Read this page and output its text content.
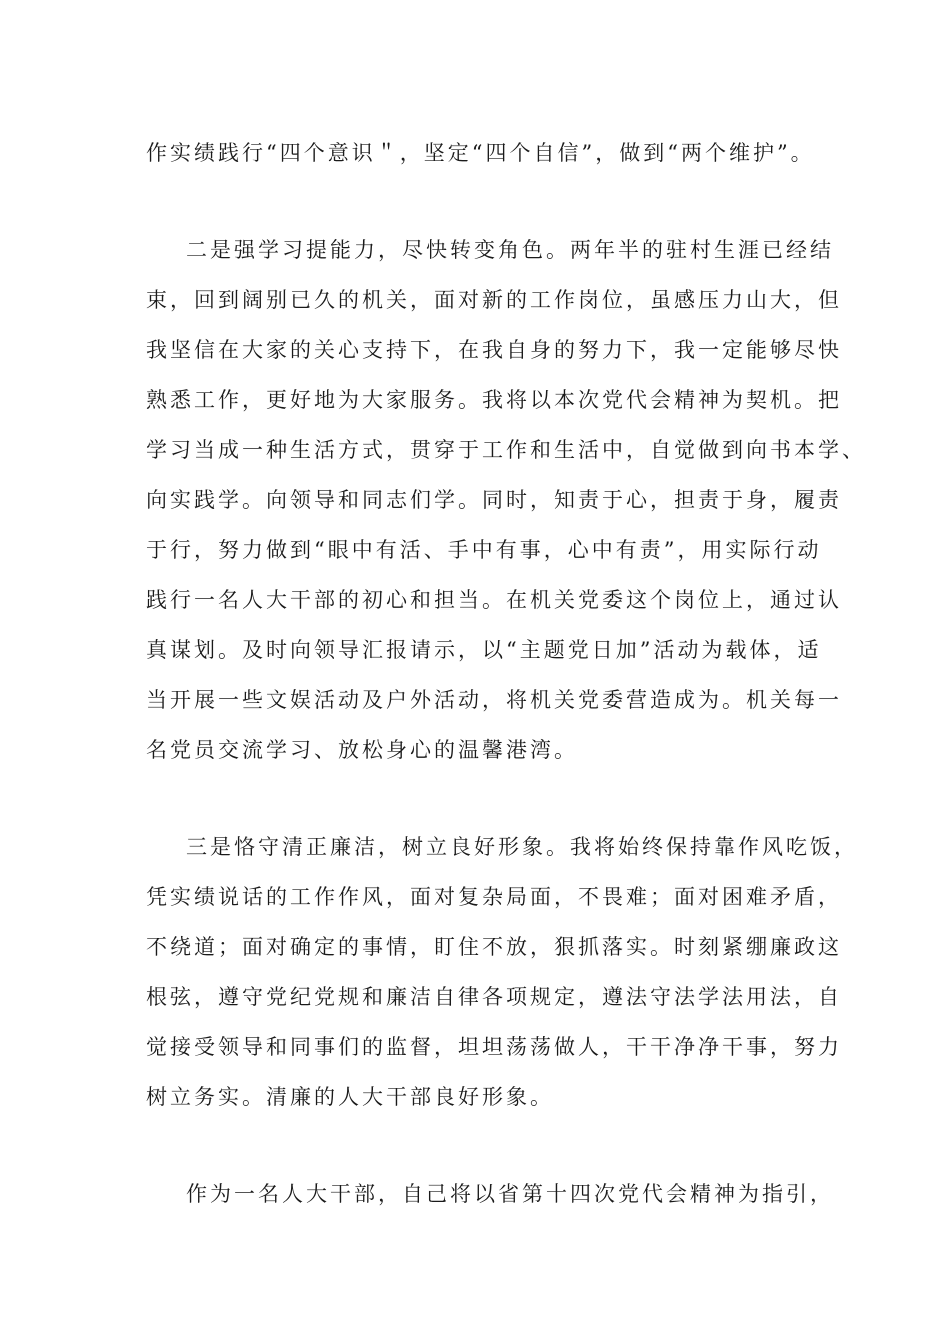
作实绩践行“四个意识＂，坚定“四个自信”，做到“两个维护”。

二是强学习提能力，尽快转变角色。两年半的驻村生涯已经结

束，回到阔别已久的机关，面对新的工作岗位，虽感压力山大，但

我坚信在大家的关心支持下，在我自身的努力下，我一定能够尽快

熟悉工作，更好地为大家服务。我将以本次党代会精神为契机。把

学习当成一种生活方式，贯穿于工作和生活中，自觉做到向书本学、

向实践学。向领导和同志们学。同时，知责于心，担责于身，履责

于行，努力做到“眼中有活、手中有事，心中有责”，用实际行动

践行一名人大干部的初心和担当。在机关党委这个岗位上，通过认

真谋划。及时向领导汇报请示，以“主题党日加”活动为载体，适

当开展一些文娱活动及户外活动，将机关党委营造成为。机关每一

名党员交流学习、放松身心的温馨港湾。

三是恪守清正廉洁，树立良好形象。我将始终保持靠作风吃饭，

凭实绩说话的工作作风，面对复杂局面，不畏难；面对困难矛盾，

不绕道；面对确定的事情，盯住不放，狠抓落实。时刻紧绷廉政这

根弦，遵守党纪党规和廉洁自律各项规定，遵法守法学法用法，自

觉接受领导和同事们的监督，坦坦荡荡做人，干干净净干事，努力

树立务实。清廉的人大干部良好形象。

作为一名人大干部，自己将以省第十四次党代会精神为指引，
